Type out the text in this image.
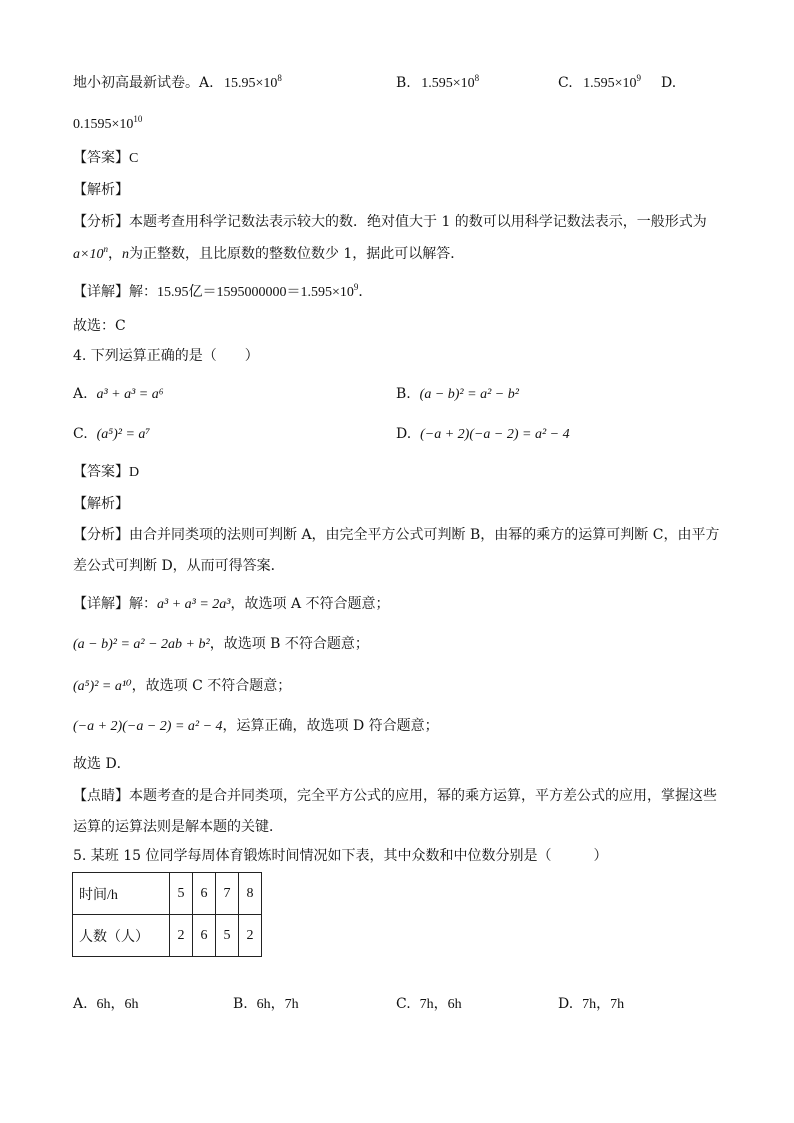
地小初高最新试卷。A. $15.95\times 10^8$	B. $1.595\times 10^8$	C. $1.595\times 10^9$ D.
$0.1595\times 10^{10}$
【答案】C
【解析】
【分析】本题考查用科学记数法表示较大的数．绝对值大于 1 的数可以用科学记数法表示，一般形式为
$a\times 10^n$，n为正整数，且比原数的整数位数少 1，据此可以解答．
【详解】解：15.95亿$=1595000000=1.595\times 10^9$．
故选：C
4. 下列运算正确的是（　　）
A. a³ + a³ = a⁶	B. (a − b)² = a² − b²
C. (a⁵)² = a⁷	D. (−a + 2)(−a − 2) = a² − 4
【答案】D
【解析】
【分析】由合并同类项的法则可判断 A，由完全平方公式可判断 B，由幂的乘方的运算可判断 C，由平方
差公式可判断 D，从而可得答案．
【详解】解：a³ + a³ = 2a³，故选项 A 不符合题意；
(a − b)² = a² − 2ab + b²，故选项 B 不符合题意；
(a⁵)² = a¹⁰，故选项 C 不符合题意；
(−a + 2)(−a − 2) = a² − 4，运算正确，故选项 D 符合题意；
故选 D．
【点睛】本题考查的是合并同类项，完全平方公式的应用，幂的乘方运算，平方差公式的应用，掌握这些
运算的运算法则是解本题的关键．
5. 某班 15 位同学每周体育锻炼时间情况如下表，其中众数和中位数分别是（　　　）
时间/h	5	6	7	8
人数（人）	2	6	5	2
A. 6h，6h	B. 6h，7h	C. 7h，6h	D. 7h，7h
